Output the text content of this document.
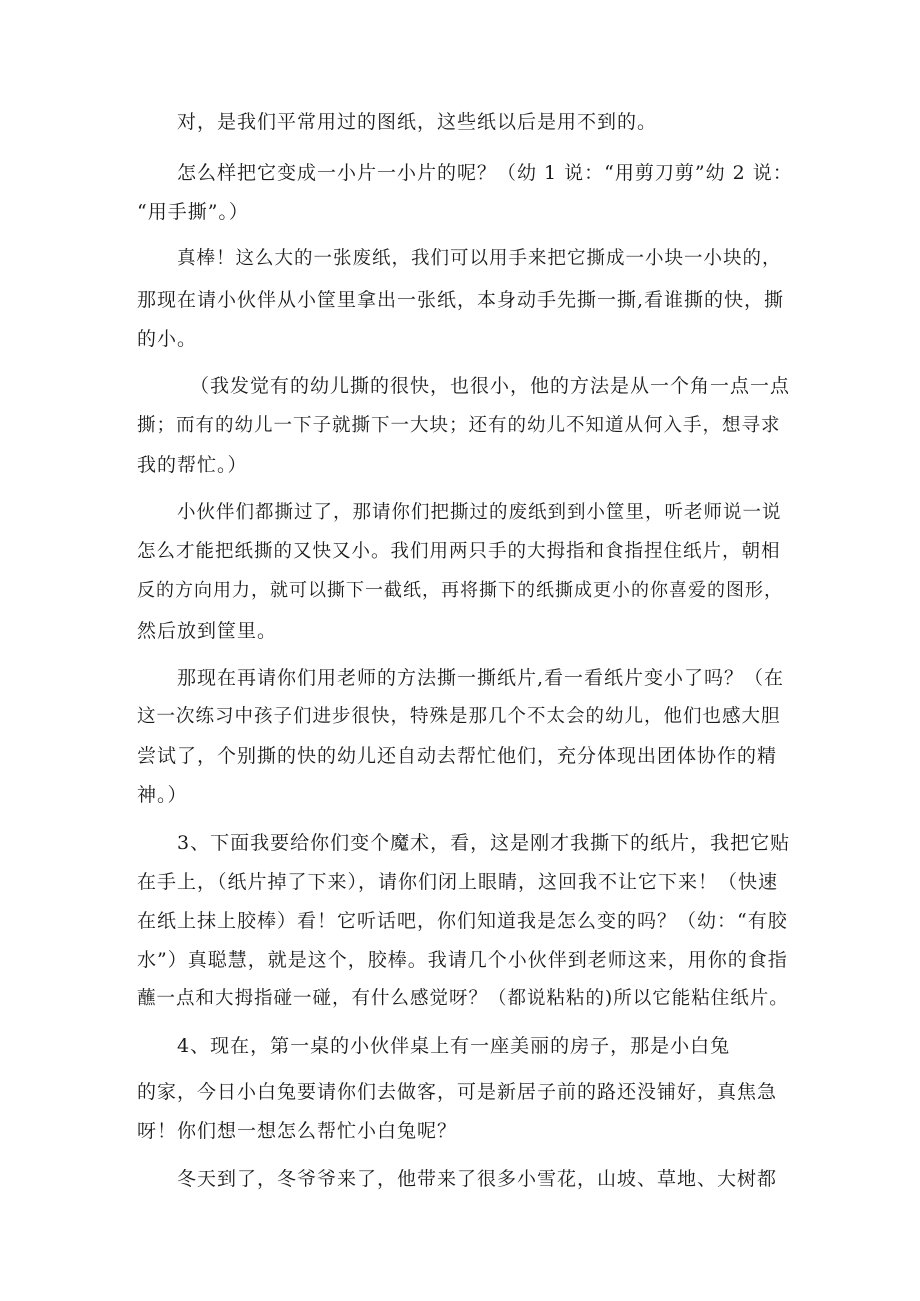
对，是我们平常用过的图纸，这些纸以后是用不到的。
怎么样把它变成一小片一小片的呢？（幼 1 说：“用剪刀剪”幼 2 说：
“用手撕”。）
真棒！这么大的一张废纸，我们可以用手来把它撕成一小块一小块的，
那现在请小伙伴从小筐里拿出一张纸，本身动手先撕一撕,看谁撕的快，撕
的小。
（我发觉有的幼儿撕的很快，也很小，他的方法是从一个角一点一点
撕；而有的幼儿一下子就撕下一大块；还有的幼儿不知道从何入手，想寻求
我的帮忙。）
小伙伴们都撕过了，那请你们把撕过的废纸到到小筐里，听老师说一说
怎么才能把纸撕的又快又小。我们用两只手的大拇指和食指捏住纸片，朝相
反的方向用力，就可以撕下一截纸，再将撕下的纸撕成更小的你喜爱的图形，
然后放到筐里。
那现在再请你们用老师的方法撕一撕纸片,看一看纸片变小了吗？（在
这一次练习中孩子们进步很快，特殊是那几个不太会的幼儿，他们也感大胆
尝试了，个别撕的快的幼儿还自动去帮忙他们，充分体现出团体协作的精
神。）
3、下面我要给你们变个魔术，看，这是刚才我撕下的纸片，我把它贴
在手上，（纸片掉了下来），请你们闭上眼睛，这回我不让它下来！（快速
在纸上抹上胶棒）看！它听话吧，你们知道我是怎么变的吗？（幼：“有胶
水”）真聪慧，就是这个，胶棒。我请几个小伙伴到老师这来，用你的食指
蘸一点和大拇指碰一碰，有什么感觉呀？（都说粘粘的)所以它能粘住纸片。
4、现在，第一桌的小伙伴桌上有一座美丽的房子，那是小白兔
的家，今日小白兔要请你们去做客，可是新居子前的路还没铺好，真焦急
呀！你们想一想怎么帮忙小白兔呢？
冬天到了，冬爷爷来了，他带来了很多小雪花，山坡、草地、大树都
